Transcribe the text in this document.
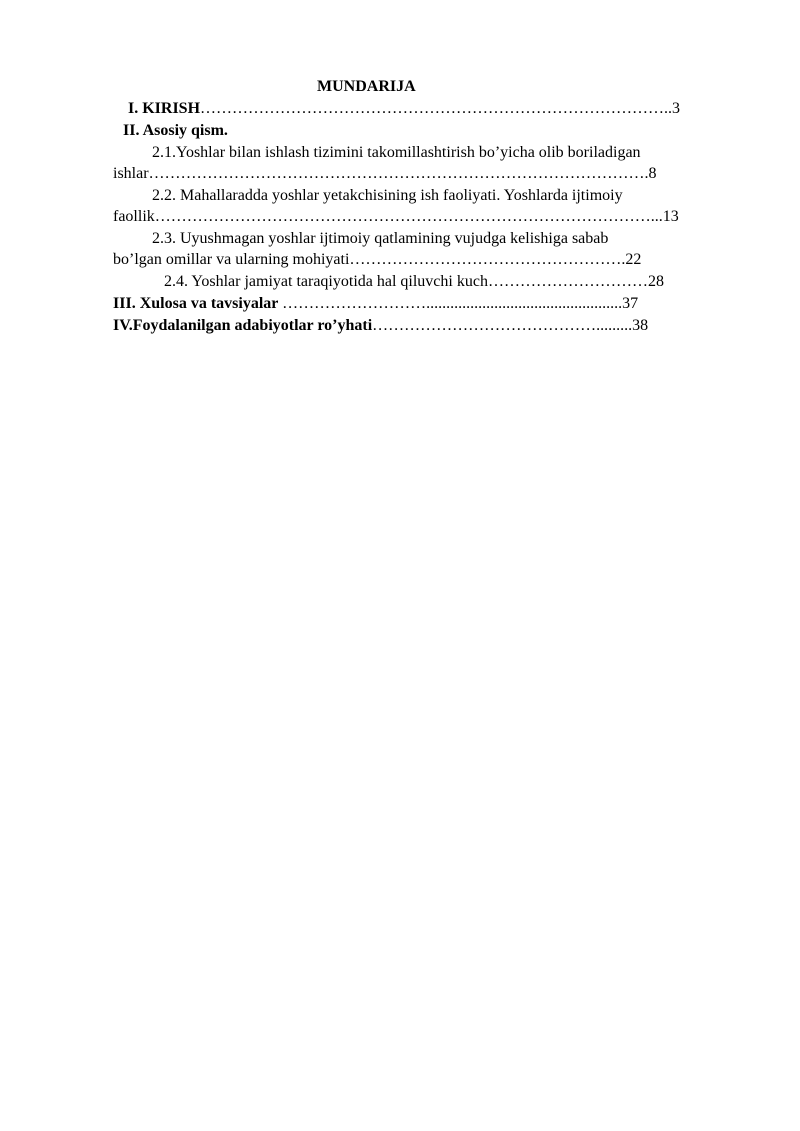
MUNDARIJA
I. KIRISH……………………………………………………………………………..3
II. Asosiy qism.
2.1.Yoshlar bilan ishlash tizimini takomillashtirish bo’yicha olib boriladigan
ishlar………………………………………………………………………………….8
2.2. Mahallaradda yoshlar yetakchisining ish faoliyati. Yoshlarda ijtimoiy
faollik…………………………………………………………………………………...13
2.3. Uyushmagan yoshlar ijtimoiy qatlamining vujudga kelishiga sabab
bo’lgan omillar va ularning mohiyati…………………………………………….22
2.4. Yoshlar jamiyat taraqiyotida hal qiluvchi kuch…………………………28
III. Xulosa va tavsiyalar ……………………….................................................37
IV.Foydalanilgan adabiyotlar ro’yhati…………………………………….........38
